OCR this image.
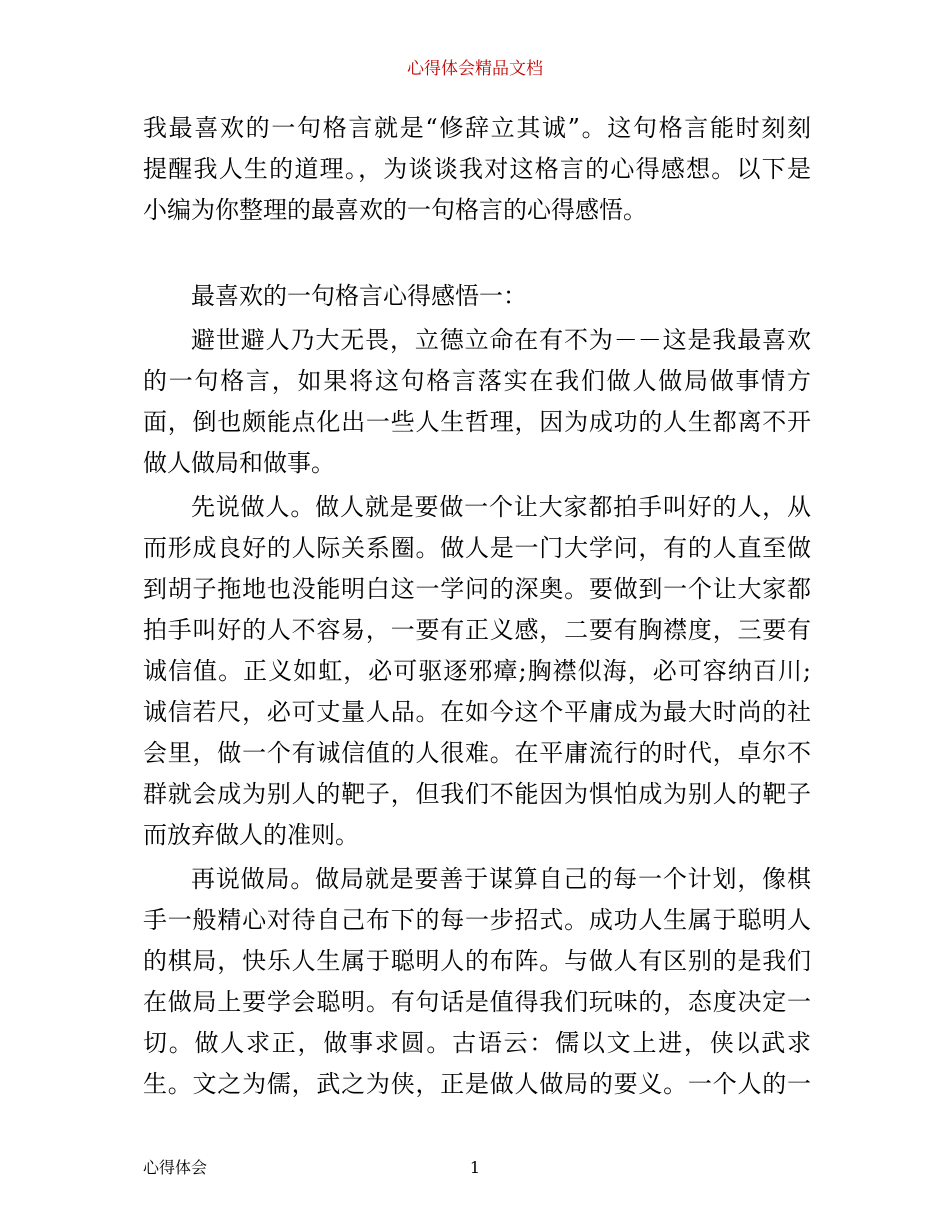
心得体会精品文档
我最喜欢的一句格言就是“修辞立其诚”。这句格言能时刻刻
提醒我人生的道理。，为谈谈我对这格言的心得感想。以下是
小编为你整理的最喜欢的一句格言的心得感悟。
最喜欢的一句格言心得感悟一：
避世避人乃大无畏，立德立命在有不为－－这是我最喜欢
的一句格言，如果将这句格言落实在我们做人做局做事情方
面，倒也颇能点化出一些人生哲理，因为成功的人生都离不开
做人做局和做事。
先说做人。做人就是要做一个让大家都拍手叫好的人，从
而形成良好的人际关系圈。做人是一门大学问，有的人直至做
到胡子拖地也没能明白这一学问的深奥。要做到一个让大家都
拍手叫好的人不容易，一要有正义感，二要有胸襟度，三要有
诚信值。正义如虹，必可驱逐邪瘴;胸襟似海，必可容纳百川;
诚信若尺，必可丈量人品。在如今这个平庸成为最大时尚的社
会里，做一个有诚信值的人很难。在平庸流行的时代，卓尔不
群就会成为别人的靶子，但我们不能因为惧怕成为别人的靶子
而放弃做人的准则。
再说做局。做局就是要善于谋算自己的每一个计划，像棋
手一般精心对待自己布下的每一步招式。成功人生属于聪明人
的棋局，快乐人生属于聪明人的布阵。与做人有区别的是我们
在做局上要学会聪明。有句话是值得我们玩味的，态度决定一
切。做人求正，做事求圆。古语云：儒以文上进，侠以武求
生。文之为儒，武之为侠，正是做人做局的要义。一个人的一
心得体会	1
